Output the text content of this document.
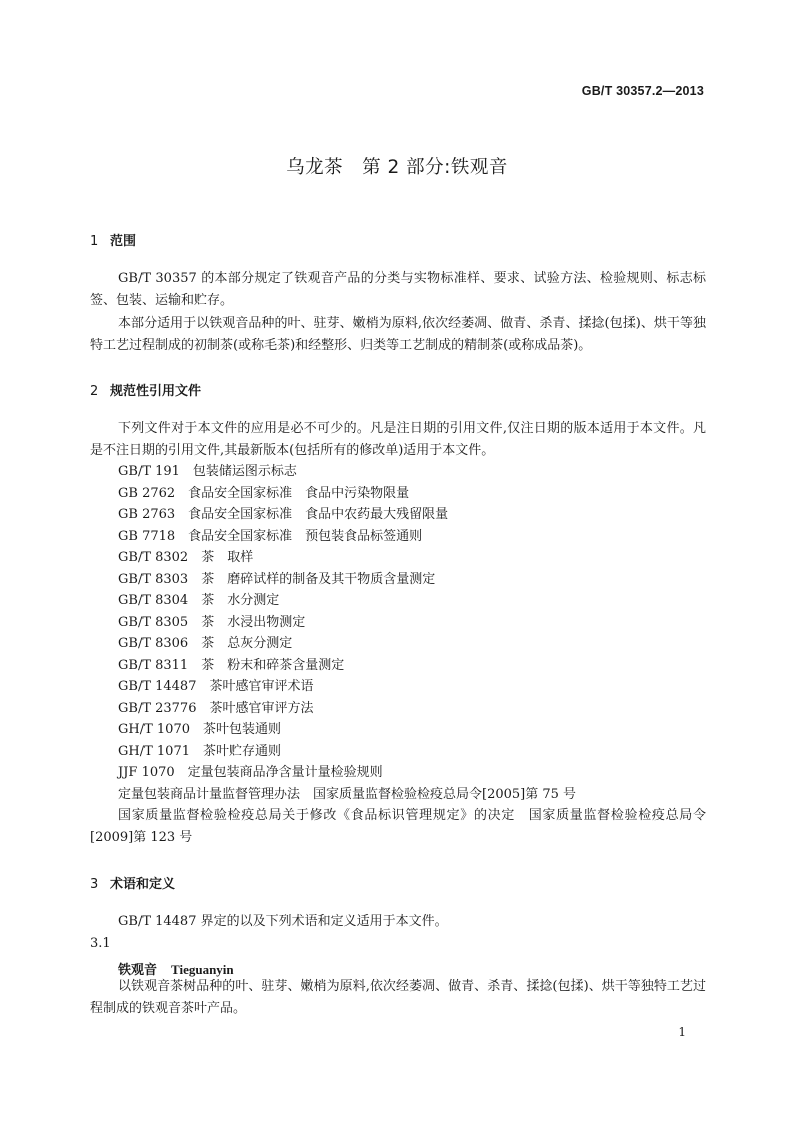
GB/T 30357.2—2013
乌龙茶　第 2 部分:铁观音
1 范围
GB/T 30357 的本部分规定了铁观音产品的分类与实物标准样、要求、试验方法、检验规则、标志标签、包装、运输和贮存。
本部分适用于以铁观音品种的叶、驻芽、嫩梢为原料,依次经萎凋、做青、杀青、揉捻(包揉)、烘干等独特工艺过程制成的初制茶(或称毛茶)和经整形、归类等工艺制成的精制茶(或称成品茶)。
2 规范性引用文件
下列文件对于本文件的应用是必不可少的。凡是注日期的引用文件,仅注日期的版本适用于本文件。凡是不注日期的引用文件,其最新版本(包括所有的修改单)适用于本文件。
GB/T 191　包装储运图示标志
GB 2762　食品安全国家标准　食品中污染物限量
GB 2763　食品安全国家标准　食品中农药最大残留限量
GB 7718　食品安全国家标准　预包装食品标签通则
GB/T 8302　茶　取样
GB/T 8303　茶　磨碎试样的制备及其干物质含量测定
GB/T 8304　茶　水分测定
GB/T 8305　茶　水浸出物测定
GB/T 8306　茶　总灰分测定
GB/T 8311　茶　粉末和碎茶含量测定
GB/T 14487　茶叶感官审评术语
GB/T 23776　茶叶感官审评方法
GH/T 1070　茶叶包装通则
GH/T 1071　茶叶贮存通则
JJF 1070　定量包装商品净含量计量检验规则
定量包装商品计量监督管理办法　国家质量监督检验检疫总局令[2005]第 75 号
国家质量监督检验检疫总局关于修改《食品标识管理规定》的决定　国家质量监督检验检疫总局令[2009]第 123 号
3 术语和定义
GB/T 14487 界定的以及下列术语和定义适用于本文件。
3.1
铁观音 Tieguanyin
以铁观音茶树品种的叶、驻芽、嫩梢为原料,依次经萎凋、做青、杀青、揉捻(包揉)、烘干等独特工艺过程制成的铁观音茶叶产品。
1
